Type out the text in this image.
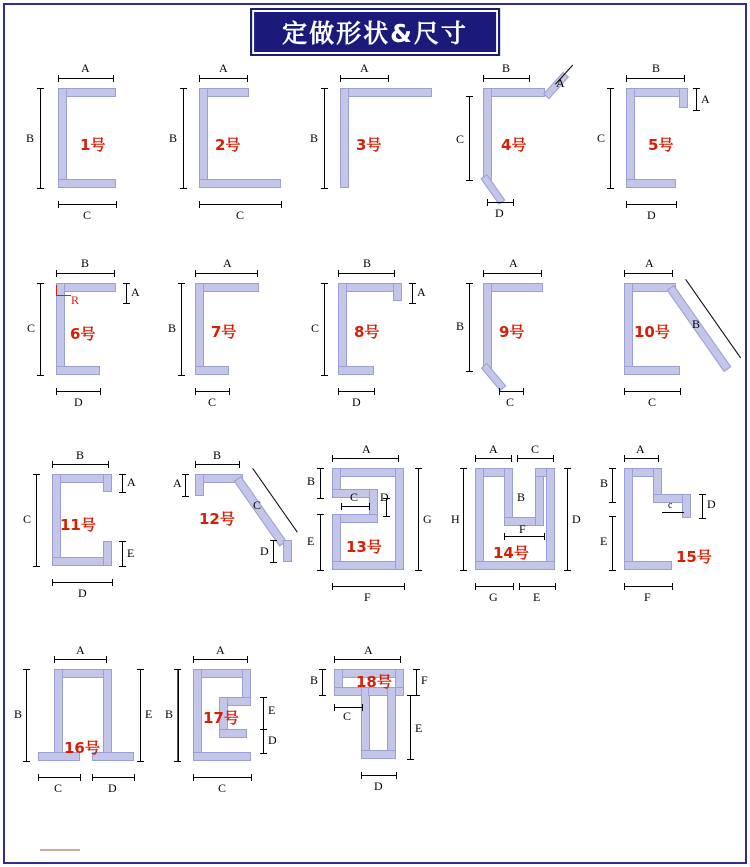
定做形状&尺寸
A
B
C
1号
A
B
C
2号
A
B	3号
B
A
C
D
4号
B
A
C
D
5号
B
R
A
C
D
6号
A
B
C
7号
B
A
C
D
8号
A
B
C
9号
A
B
C
10号
B
A
E
C
D
11号
B
A
C
D
12号
A
B
E
C D
G
F
13号
A	C
H	D
B
F
G	E
14号
A
B
E
D
c
F
15号
A
B	E
C	D
16号
A
B	E
D
C
17号
A
B	F
C
E
D
18号
